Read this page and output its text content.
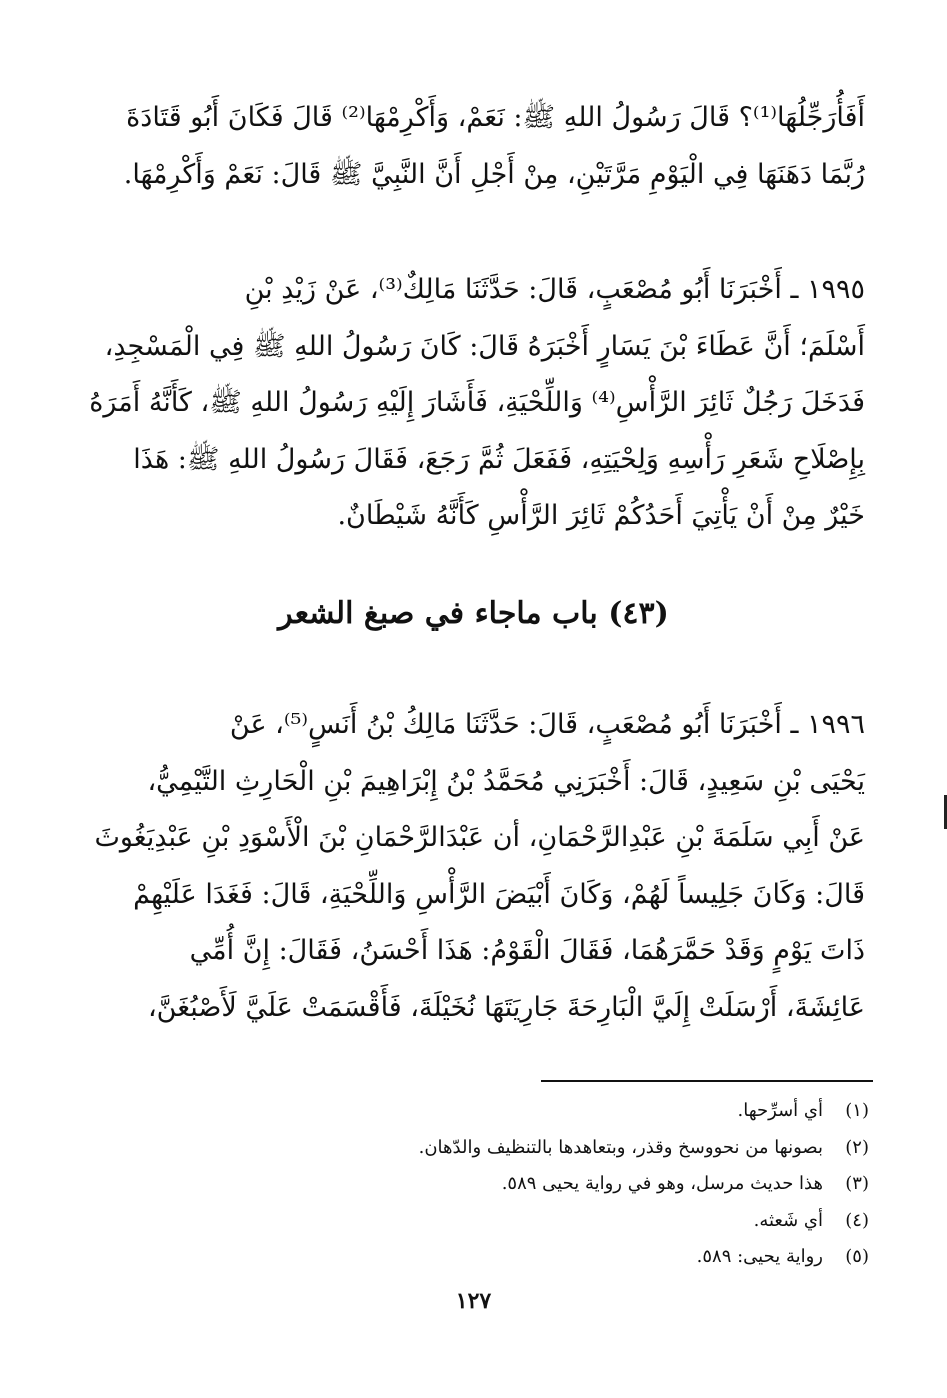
أَفَأُرَجِّلُهَا⁽¹⁾؟ قَالَ رَسُولُ اللهِ ﷺ: نَعَمْ، وَأَكْرِمْهَا⁽²⁾ قَالَ فَكَانَ أَبُو قَتَادَةَ

رُبَّمَا دَهَنَهَا فِي الْيَوْمِ مَرَّتَيْنِ، مِنْ أَجْلِ أَنَّ النَّبِيَّ ﷺ قَالَ: نَعَمْ وَأَكْرِمْهَا.

١٩٩٥ ـ أَخْبَرَنَا أَبُو مُصْعَبٍ، قَالَ: حَدَّثَنَا مَالِكٌ⁽³⁾، عَنْ زَيْدِ بْنِ

أَسْلَمَ؛ أَنَّ عَطَاءَ بْنَ يَسَارٍ أَخْبَرَهُ قَالَ: كَانَ رَسُولُ اللهِ ﷺ فِي الْمَسْجِدِ،

فَدَخَلَ رَجُلٌ ثَائِرَ الرَّأْسِ⁽⁴⁾ وَاللِّحْيَةِ، فَأَشَارَ إِلَيْهِ رَسُولُ اللهِ ﷺ، كَأَنَّهُ أَمَرَهُ

بِإِصْلَاحِ شَعَرِ رَأْسِهِ وَلِحْيَتِهِ، فَفَعَلَ ثُمَّ رَجَعَ، فَقَالَ رَسُولُ اللهِ ﷺ: هَذَا

خَيْرٌ مِنْ أَنْ يَأْتِيَ أَحَدُكُمْ ثَائِرَ الرَّأْسِ كَأَنَّهُ شَيْطَانٌ.

(٤٣) باب ماجاء في صبغ الشعر

١٩٩٦ ـ أَخْبَرَنَا أَبُو مُصْعَبٍ، قَالَ: حَدَّثَنَا مَالِكُ بْنُ أَنَسٍ⁽⁵⁾، عَنْ

يَحْيَى بْنِ سَعِيدٍ، قَالَ: أَخْبَرَنِي مُحَمَّدُ بْنُ إِبْرَاهِيمَ بْنِ الْحَارِثِ التَّيْمِيُّ،

عَنْ أَبِي سَلَمَةَ بْنِ عَبْدِالرَّحْمَانِ، أن عَبْدَالرَّحْمَانِ بْنَ الْأَسْوَدِ بْنِ عَبْدِيَغُوثَ

قَالَ: وَكَانَ جَلِيساً لَهُمْ، وَكَانَ أَبْيَضَ الرَّأْسِ وَاللِّحْيَةِ، قَالَ: فَغَدَا عَلَيْهِمْ

ذَاتَ يَوْمٍ وَقَدْ حَمَّرَهُمَا، فَقَالَ الْقَوْمُ: هَذَا أَحْسَنُ، فَقَالَ: إِنَّ أُمِّي

عَائِشَةَ، أَرْسَلَتْ إِلَيَّ الْبَارِحَةَ جَارِيَتَهَا نُخَيْلَةَ، فَأَقْسَمَتْ عَلَيَّ لَأَصْبُغَنَّ،

(١)
أي أسرِّحها.
(٢)
بصونها من نحووسخ وقذر، وبتعاهدها بالتنظيف والدّهان.
(٣)
هذا حديث مرسل، وهو في رواية يحيى ٥٨٩.
(٤)
أي شَعثه.
(٥)
رواية يحيى: ٥٨٩.
١٢٧
